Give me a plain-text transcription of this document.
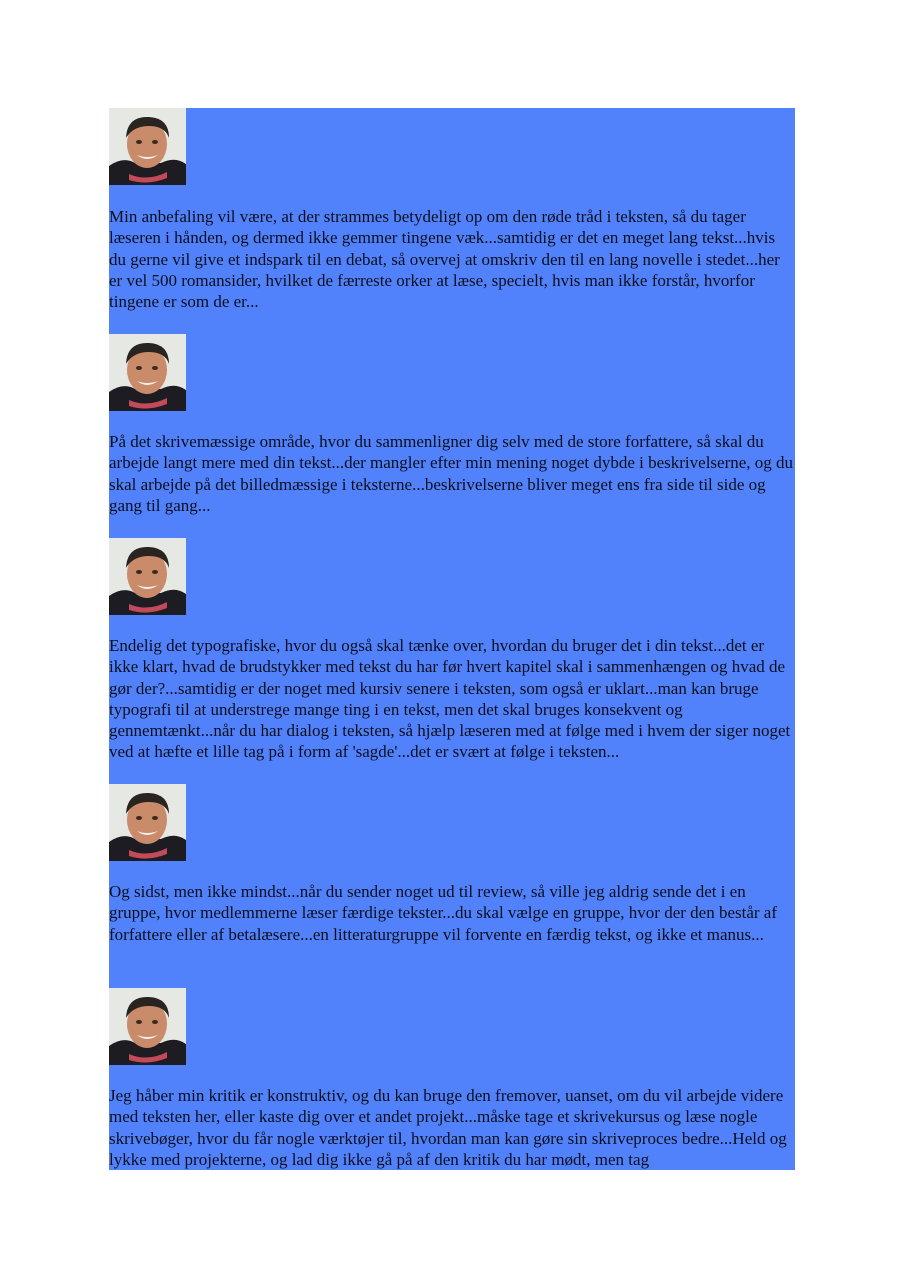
Min anbefaling vil være, at der strammes betydeligt op om den røde tråd i teksten, så du tager læseren i hånden, og dermed ikke gemmer tingene væk...samtidig er det en meget lang tekst...hvis du gerne vil give et indspark til en debat, så overvej at omskriv den til en lang novelle i stedet...her er vel 500 romansider, hvilket de færreste orker at læse, specielt, hvis man ikke forstår, hvorfor tingene er som de er...

På det skrivemæssige område, hvor du sammenligner dig selv med de store forfattere, så skal du arbejde langt mere med din tekst...der mangler efter min mening noget dybde i beskrivelserne, og du skal arbejde på det billedmæssige i teksterne...beskrivelserne bliver meget ens fra side til side og gang til gang...

Endelig det typografiske, hvor du også skal tænke over, hvordan du bruger det i din tekst...det er ikke klart, hvad de brudstykker med tekst du har før hvert kapitel skal i sammenhængen og hvad de gør der?...samtidig er der noget med kursiv senere i teksten, som også er uklart...man kan bruge typografi til at understrege mange ting i en tekst, men det skal bruges konsekvent og gennemtænkt...når du har dialog i teksten, så hjælp læseren med at følge med i hvem der siger noget ved at hæfte et lille tag på i form af 'sagde'...det er svært at følge i teksten...

Og sidst, men ikke mindst...når du sender noget ud til review, så ville jeg aldrig sende det i en gruppe, hvor medlemmerne læser færdige tekster...du skal vælge en gruppe, hvor der den består af forfattere eller af betalæsere...en litteraturgruppe vil forvente en færdig tekst, og ikke et manus...

Jeg håber min kritik er konstruktiv, og du kan bruge den fremover, uanset, om du vil arbejde videre med teksten her, eller kaste dig over et andet projekt...måske tage et skrivekursus og læse nogle skrivebøger, hvor du får nogle værktøjer til, hvordan man kan gøre sin skriveproces bedre...Held og lykke med projekterne, og lad dig ikke gå på af den kritik du har mødt, men tag
